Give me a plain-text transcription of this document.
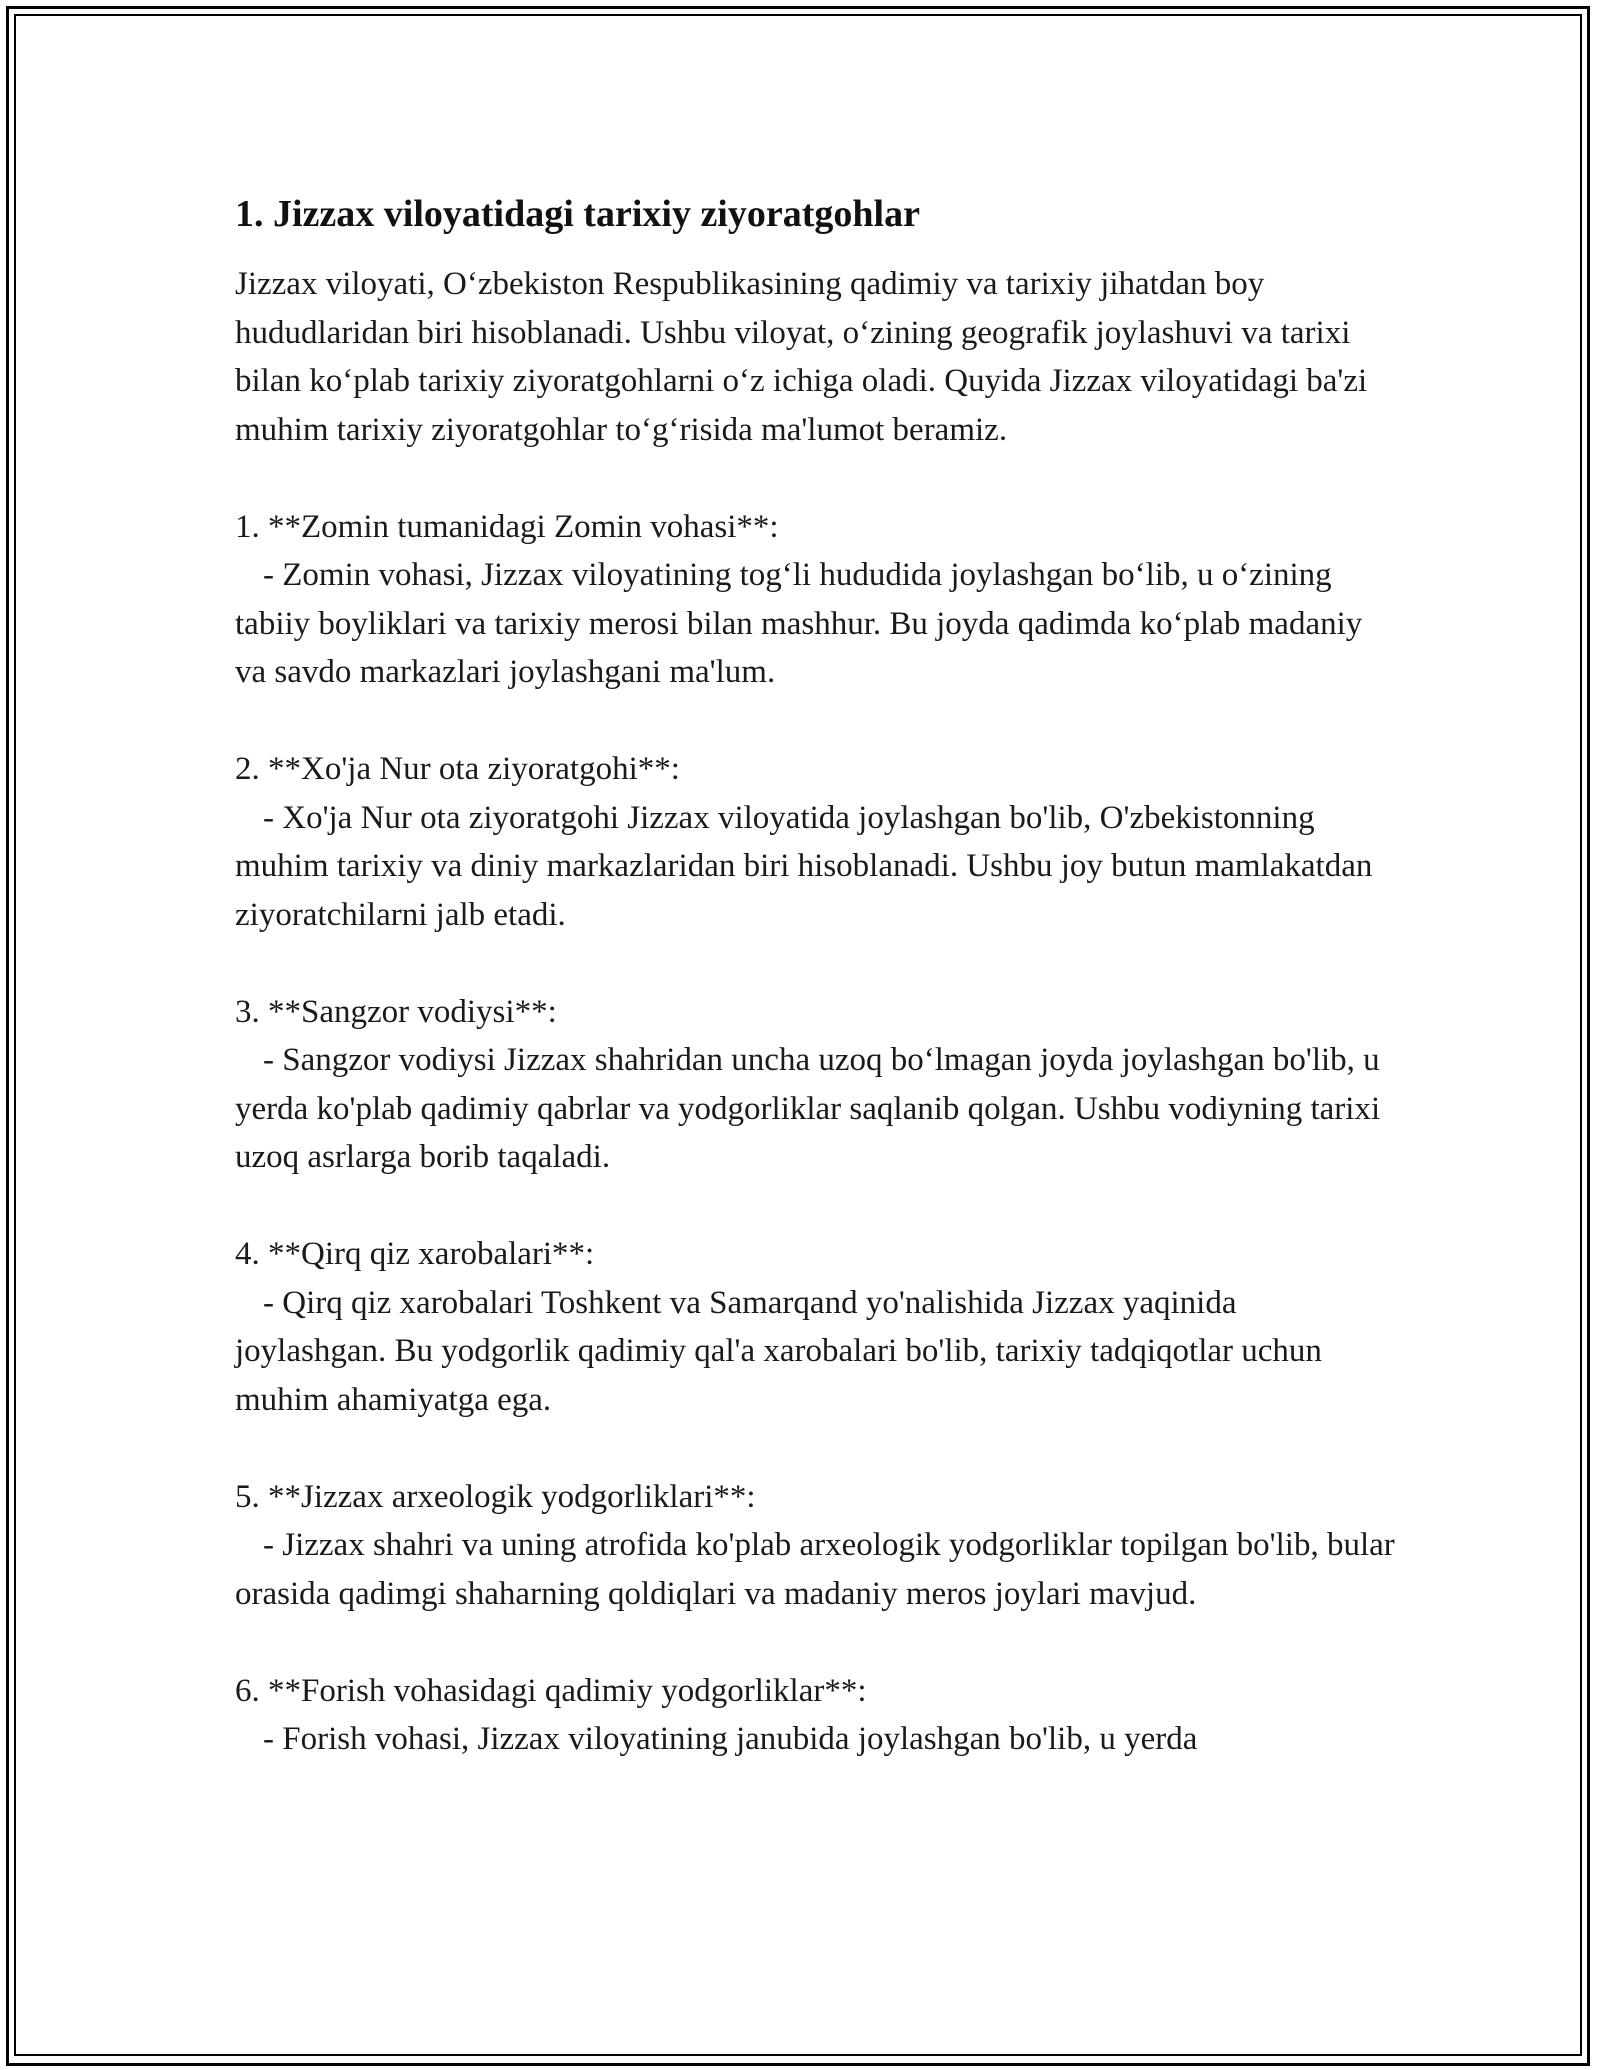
1. Jizzax viloyatidagi tarixiy ziyoratgohlar

Jizzax viloyati, O‘zbekiston Respublikasining qadimiy va tarixiy jihatdan boy hududlaridan biri hisoblanadi. Ushbu viloyat, o‘zining geografik joylashuvi va tarixi bilan ko‘plab tarixiy ziyoratgohlarni o‘z ichiga oladi. Quyida Jizzax viloyatidagi ba'zi muhim tarixiy ziyoratgohlar to‘g‘risida ma'lumot beramiz.

1. **Zomin tumanidagi Zomin vohasi**:
- Zomin vohasi, Jizzax viloyatining tog‘li hududida joylashgan bo‘lib, u o‘zining tabiiy boyliklari va tarixiy merosi bilan mashhur. Bu joyda qadimda ko‘plab madaniy va savdo markazlari joylashgani ma'lum.
2. **Xo'ja Nur ota ziyoratgohi**:
- Xo'ja Nur ota ziyoratgohi Jizzax viloyatida joylashgan bo'lib, O'zbekistonning muhim tarixiy va diniy markazlaridan biri hisoblanadi. Ushbu joy butun mamlakatdan ziyoratchilarni jalb etadi.
3. **Sangzor vodiysi**:
- Sangzor vodiysi Jizzax shahridan uncha uzoq bo‘lmagan joyda joylashgan bo'lib, u yerda ko'plab qadimiy qabrlar va yodgorliklar saqlanib qolgan. Ushbu vodiyning tarixi uzoq asrlarga borib taqaladi.
4. **Qirq qiz xarobalari**:
- Qirq qiz xarobalari Toshkent va Samarqand yo'nalishida Jizzax yaqinida joylashgan. Bu yodgorlik qadimiy qal'a xarobalari bo'lib, tarixiy tadqiqotlar uchun muhim ahamiyatga ega.
5. **Jizzax arxeologik yodgorliklari**:
- Jizzax shahri va uning atrofida ko'plab arxeologik yodgorliklar topilgan bo'lib, bular orasida qadimgi shaharning qoldiqlari va madaniy meros joylari mavjud.
6. **Forish vohasidagi qadimiy yodgorliklar**:
- Forish vohasi, Jizzax viloyatining janubida joylashgan bo'lib, u yerda
